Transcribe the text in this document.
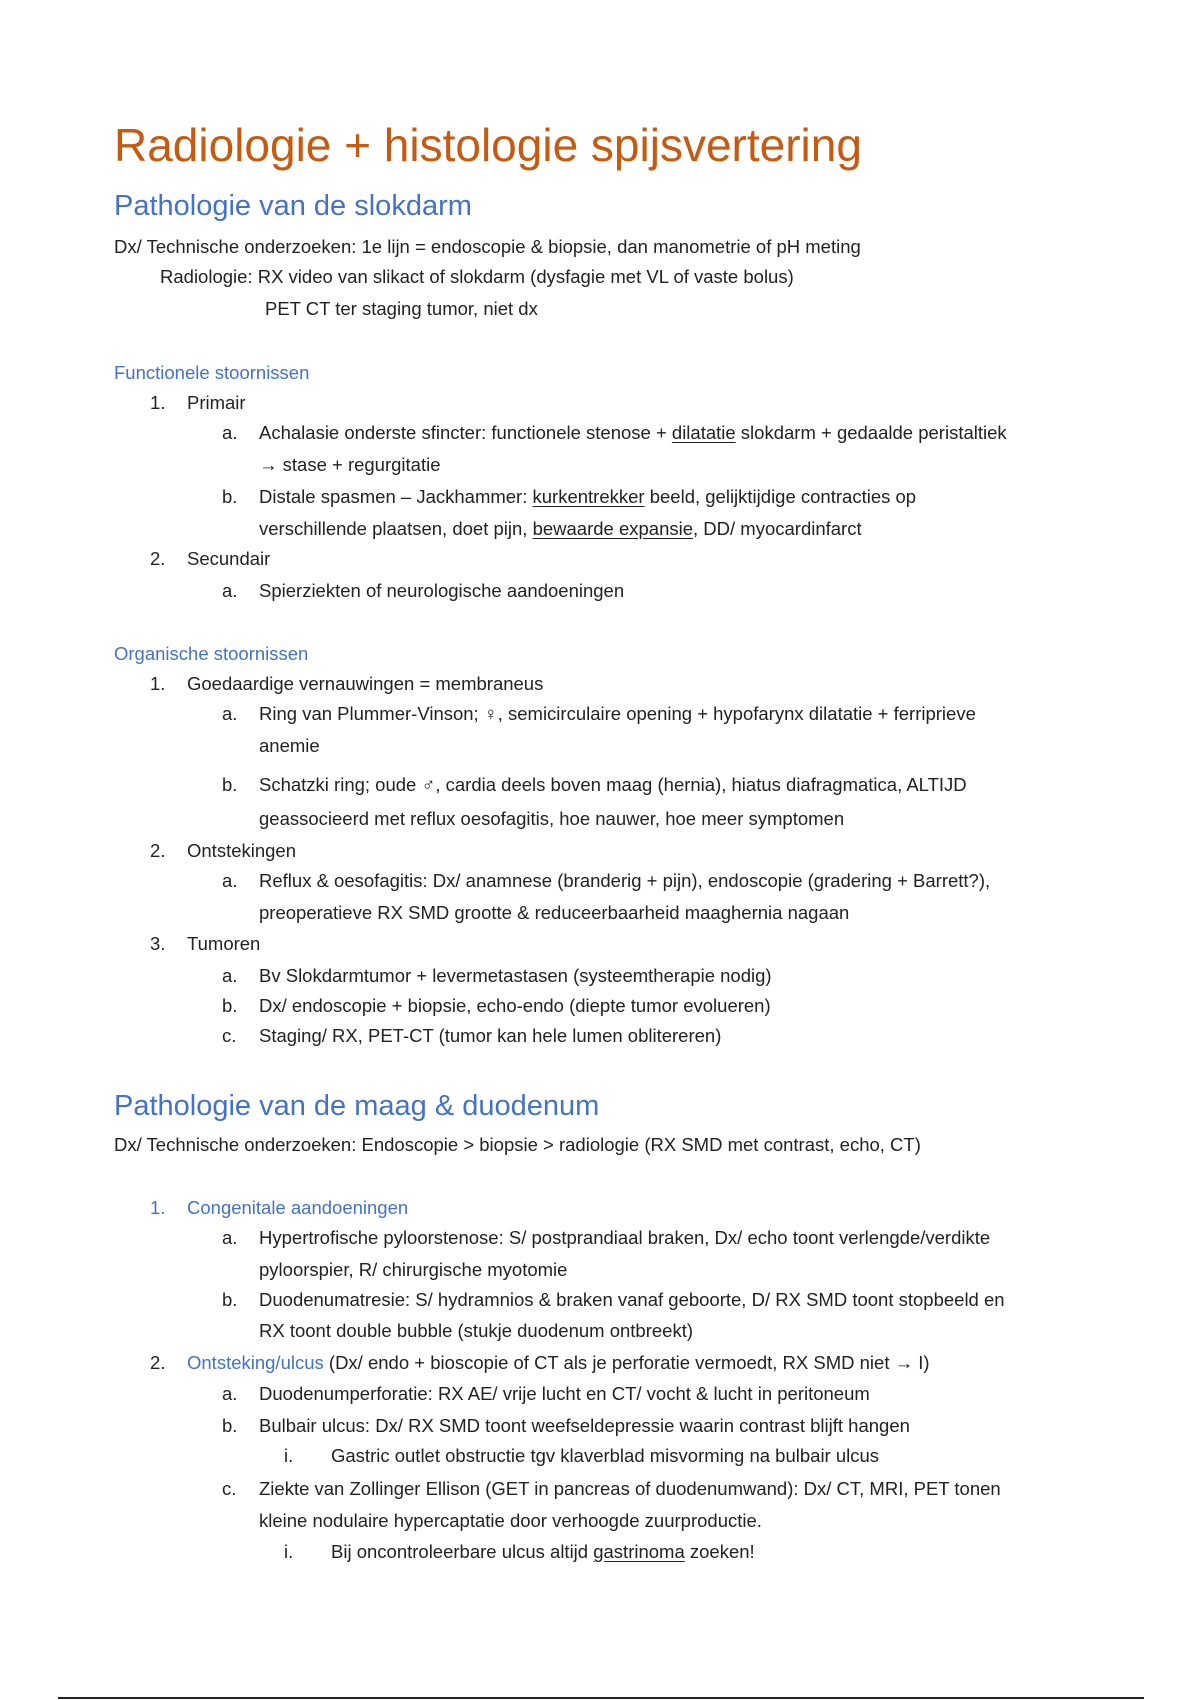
Radiologie + histologie spijsvertering
Pathologie van de slokdarm
Dx/ Technische onderzoeken: 1e lijn = endoscopie & biopsie, dan manometrie of pH meting
Radiologie: RX video van slikact of slokdarm (dysfagie met VL of vaste bolus)
PET CT ter staging tumor, niet dx
Functionele stoornissen
1. Primair
a. Achalasie onderste sfincter: functionele stenose + dilatatie slokdarm + gedaalde peristaltiek
→ stase + regurgitatie
b. Distale spasmen – Jackhammer: kurkentrekker beeld, gelijktijdige contracties op
verschillende plaatsen, doet pijn, bewaarde expansie, DD/ myocardinfarct
2. Secundair
a. Spierziekten of neurologische aandoeningen
Organische stoornissen
1. Goedaardige vernauwingen = membraneus
a. Ring van Plummer-Vinson; ♀, semicirculaire opening + hypofarynx dilatatie + ferriprieve
anemie
b. Schatzki ring; oude ♂, cardia deels boven maag (hernia), hiatus diafragmatica, ALTIJD
geassocieerd met reflux oesofagitis, hoe nauwer, hoe meer symptomen
2. Ontstekingen
a. Reflux & oesofagitis: Dx/ anamnese (branderig + pijn), endoscopie (gradering + Barrett?),
preoperatieve RX SMD grootte & reduceerbaarheid maaghernia nagaan
3. Tumoren
a. Bv Slokdarmtumor + levermetastasen (systeemtherapie nodig)
b. Dx/ endoscopie + biopsie, echo-endo (diepte tumor evolueren)
c. Staging/ RX, PET-CT (tumor kan hele lumen oblitereren)
Pathologie van de maag & duodenum
Dx/ Technische onderzoeken: Endoscopie > biopsie > radiologie (RX SMD met contrast, echo, CT)
1. Congenitale aandoeningen
a. Hypertrofische pyloorstenose: S/ postprandiaal braken, Dx/ echo toont verlengde/verdikte
pyloorspier, R/ chirurgische myotomie
b. Duodenumatresie: S/ hydramnios & braken vanaf geboorte, D/ RX SMD toont stopbeeld en
RX toont double bubble (stukje duodenum ontbreekt)
2. Ontsteking/ulcus (Dx/ endo + bioscopie of CT als je perforatie vermoedt, RX SMD niet → I)
a. Duodenumperforatie: RX AE/ vrije lucht en CT/ vocht & lucht in peritoneum
b. Bulbair ulcus: Dx/ RX SMD toont weefseldepressie waarin contrast blijft hangen
i. Gastric outlet obstructie tgv klaverblad misvorming na bulbair ulcus
c. Ziekte van Zollinger Ellison (GET in pancreas of duodenumwand): Dx/ CT, MRI, PET tonen
kleine nodulaire hypercaptatie door verhoogde zuurproductie.
i. Bij oncontroleerbare ulcus altijd gastrinoma zoeken!
